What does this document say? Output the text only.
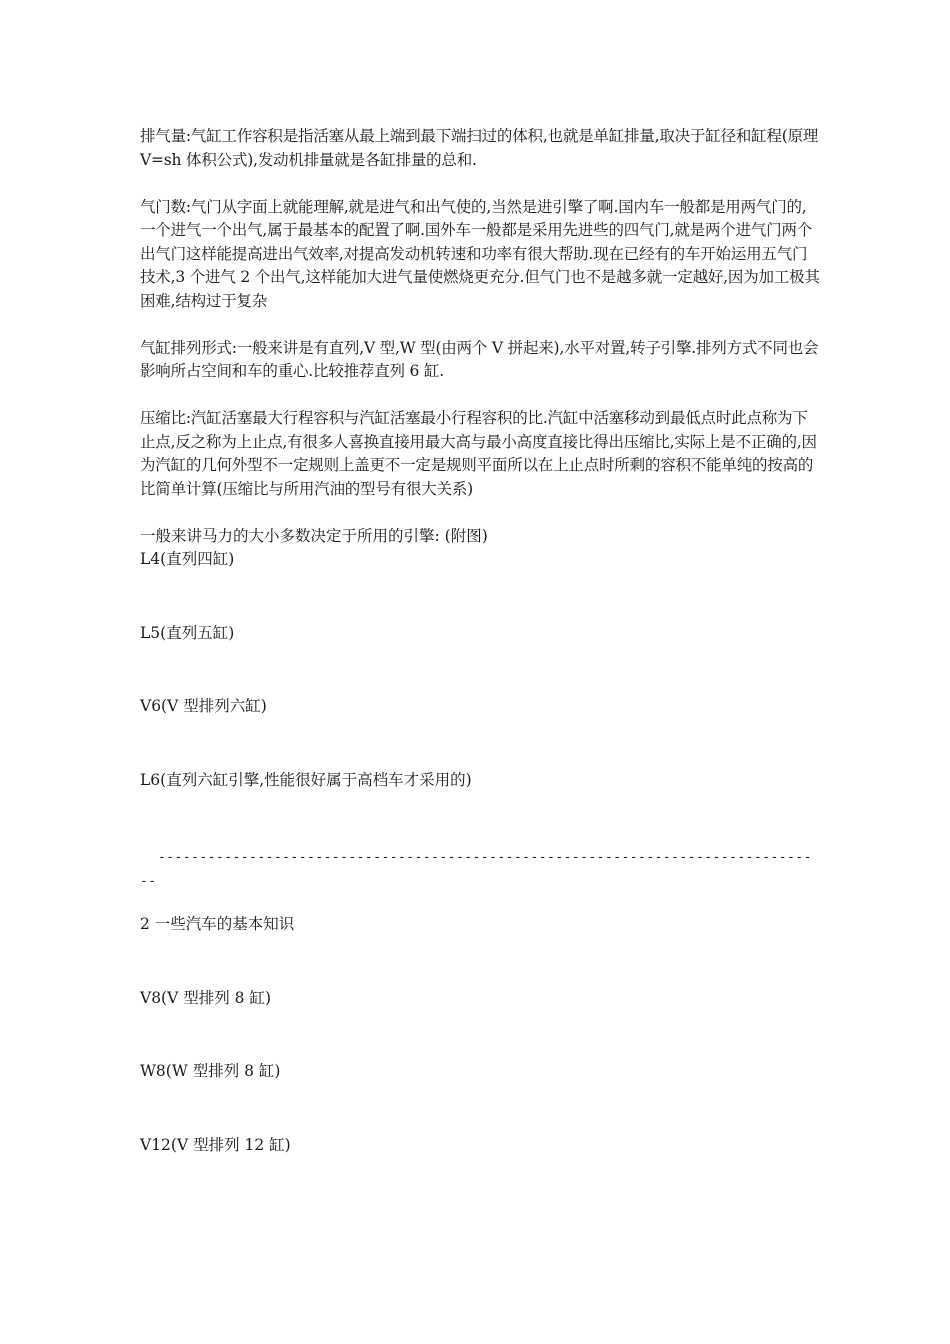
排气量:气缸工作容积是指活塞从最上端到最下端扫过的体积,也就是单缸排量,取决于缸径和缸程(原理 V=sh 体积公式),发动机排量就是各缸排量的总和.

气门数:气门从字面上就能理解,就是进气和出气使的,当然是进引擎了啊.国内车一般都是用两气门的,一个进气一个出气,属于最基本的配置了啊.国外车一般都是采用先进些的四气门,就是两个进气门两个出气门这样能提高进出气效率,对提高发动机转速和功率有很大帮助.现在已经有的车开始运用五气门技术,3 个进气 2 个出气,这样能加大进气量使燃烧更充分.但气门也不是越多就一定越好,因为加工极其困难,结构过于复杂

气缸排列形式:一般来讲是有直列,V 型,W 型(由两个 V 拼起来),水平对置,转子引擎.排列方式不同也会影响所占空间和车的重心.比较推荐直列 6 缸.

压缩比:汽缸活塞最大行程容积与汽缸活塞最小行程容积的比.汽缸中活塞移动到最低点时此点称为下止点,反之称为上止点,有很多人喜换直接用最大高与最小高度直接比得出压缩比,实际上是不正确的,因为汽缸的几何外型不一定规则上盖更不一定是规则平面所以在上止点时所剩的容积不能单纯的按高的比简单计算(压缩比与所用汽油的型号有很大关系)

一般来讲马力的大小多数决定于所用的引擎: (附图)

L4(直列四缸)

L5(直列五缸)

V6(V 型排列六缸)

L6(直列六缸引擎,性能很好属于高档车才采用的)

-------------------------------------------------------------------------------

--

2 一些汽车的基本知识

V8(V 型排列 8 缸)

W8(W 型排列 8 缸)

V12(V 型排列 12 缸)
